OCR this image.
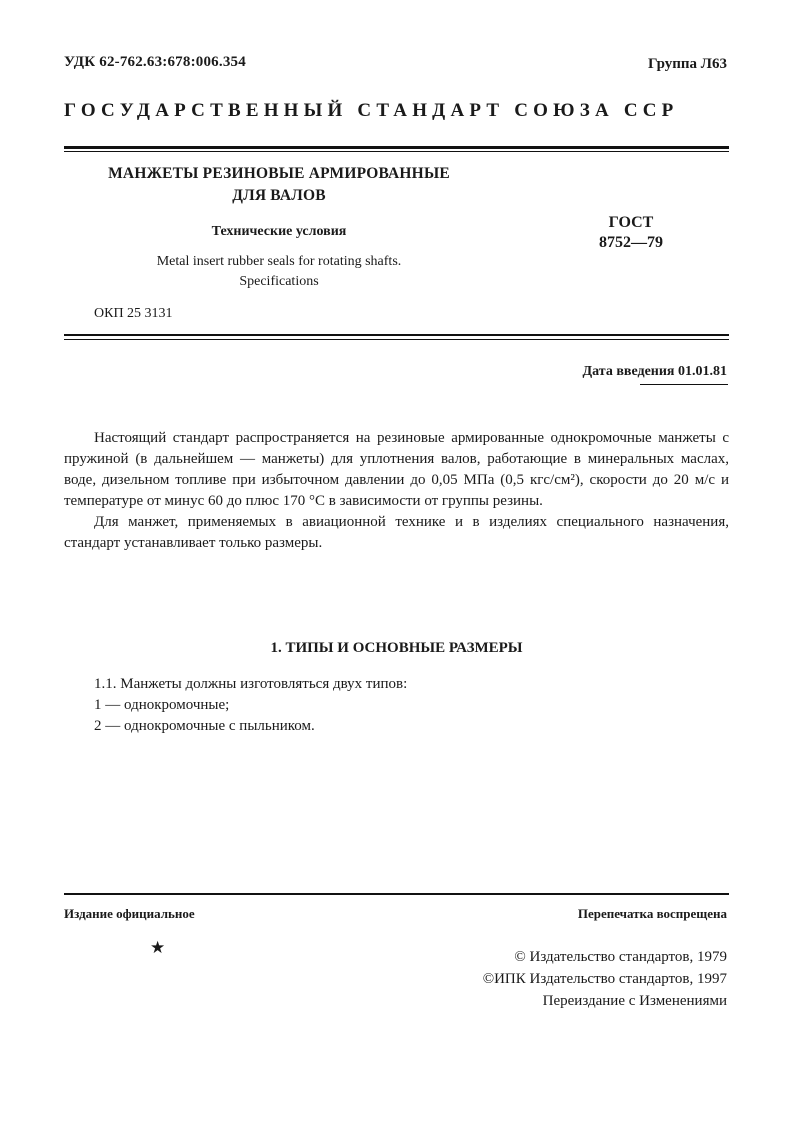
УДК 62-762.63:678:006.354	Группа Л63
ГОСУДАРСТВЕННЫЙ СТАНДАРТ СОЮЗА ССР
МАНЖЕТЫ РЕЗИНОВЫЕ АРМИРОВАННЫЕ
ДЛЯ ВАЛОВ
Технические условия
Metal insert rubber seals for rotating shafts.
Specifications
ОКП 25 3131
ГОСТ
8752—79
Дата введения 01.01.81

Настоящий стандарт распространяется на резиновые армированные однокромочные манжеты с пружиной (в дальнейшем — манжеты) для уплотнения валов, работающие в минеральных маслах, воде, дизельном топливе при избыточном давлении до 0,05 МПа (0,5 кгс/см²), скорости до 20 м/с и температуре от минус 60 до плюс 170 °С в зависимости от группы резины.

Для манжет, применяемых в авиационной технике и в изделиях специального назначения, стандарт устанавливает только размеры.

1. ТИПЫ И ОСНОВНЫЕ РАЗМЕРЫ
1.1. Манжеты должны изготовляться двух типов:
1 — однокромочные;
2 — однокромочные с пыльником.
Издание официальное	Перепечатка воспрещена
★	© Издательство стандартов, 1979
©ИПК Издательство стандартов, 1997
Переиздание с Изменениями
